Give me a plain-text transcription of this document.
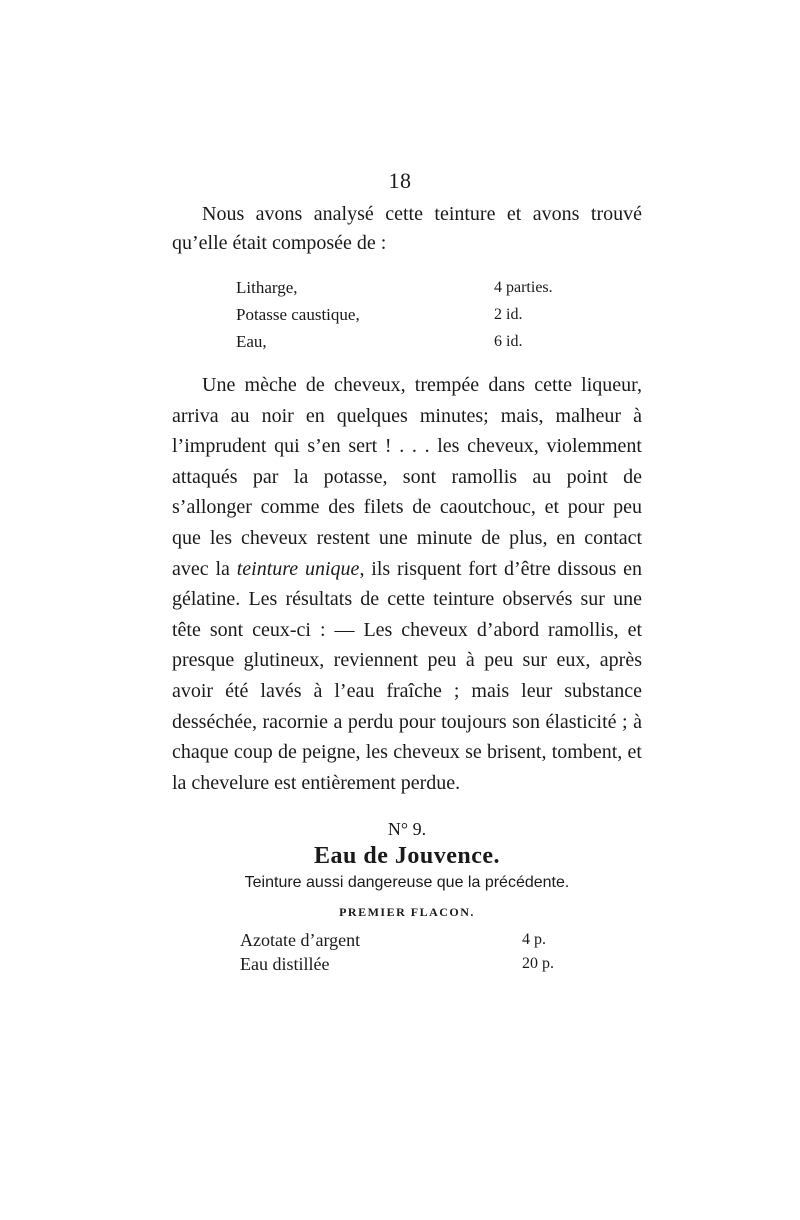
18

Nous avons analysé cette teinture et avons trouvé qu’elle était composée de :

Litharge,	4 parties.
Potasse caustique,	2 id.
Eau,	6 id.

Une mèche de cheveux, trempée dans cette liqueur, arriva au noir en quelques minutes; mais, malheur à l’imprudent qui s’en sert ! . . . les cheveux, violemment attaqués par la potasse, sont ramollis au point de s’allonger comme des filets de caoutchouc, et pour peu que les cheveux restent une minute de plus, en contact avec la teinture unique, ils risquent fort d’être dissous en gélatine. Les résultats de cette teinture observés sur une tête sont ceux-ci : — Les cheveux d’abord ramollis, et presque glutineux, reviennent peu à peu sur eux, après avoir été lavés à l’eau fraîche ; mais leur substance desséchée, racornie a perdu pour toujours son élasticité ; à chaque coup de peigne, les cheveux se brisent, tombent, et la chevelure est entièrement perdue.

N° 9.
Eau de Jouvence.
Teinture aussi dangereuse que la précédente.
PREMIER FLACON.
Azotate d’argent	4 p.
Eau distillée	20 p.
